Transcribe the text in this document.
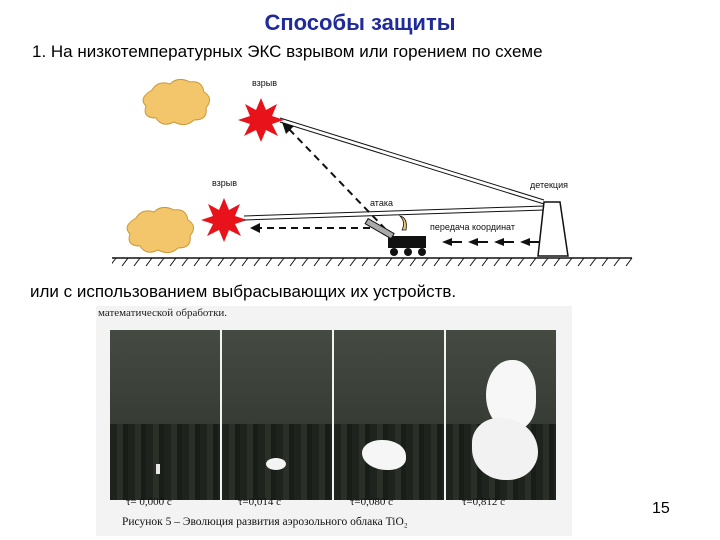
Способы защиты
1. На низкотемпературных ЭКС взрывом или горением по схеме
взрыв
взрыв
атака
передача координат
детекция
или с использованием выбрасывающих их устройств.
математической обработки.
τ= 0,000 с	τ=0,014 с	τ=0,080 с	τ=0,812 с
Рисунок 5 – Эволюция развития аэрозольного облака TiO₂
15
